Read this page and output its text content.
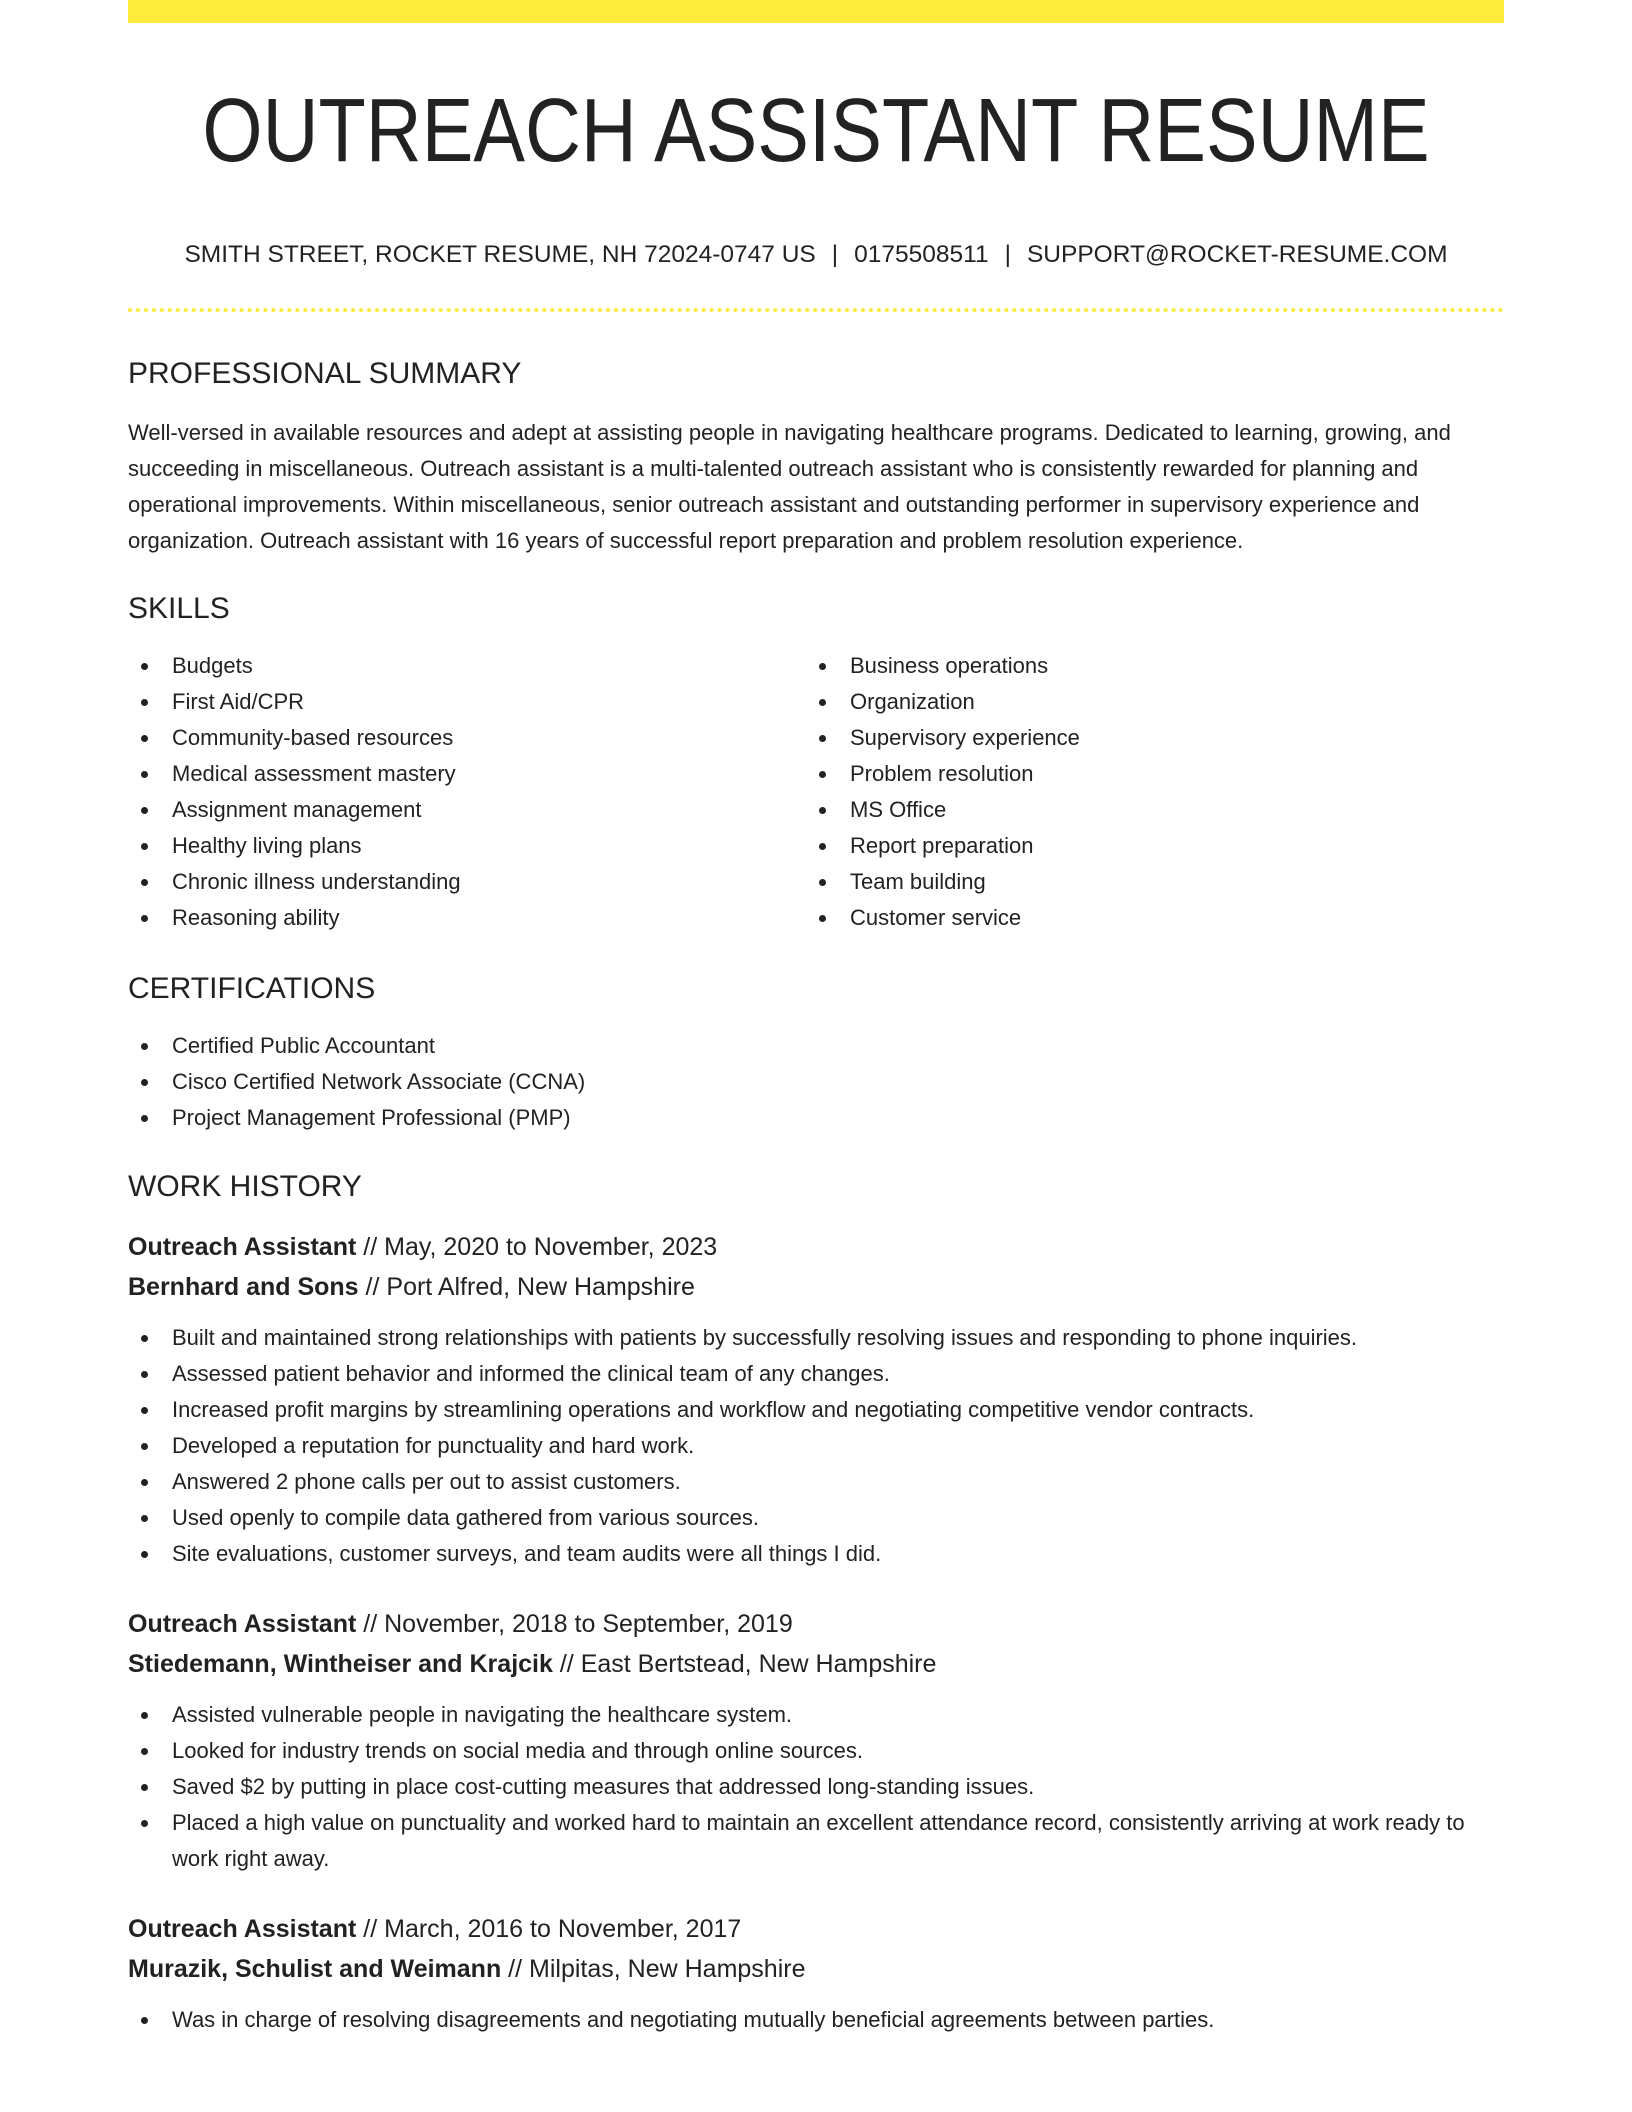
OUTREACH ASSISTANT RESUME
SMITH STREET, ROCKET RESUME, NH 72024-0747 US | 0175508511 | SUPPORT@ROCKET-RESUME.COM
PROFESSIONAL SUMMARY

Well-versed in available resources and adept at assisting people in navigating healthcare programs. Dedicated to learning, growing, and succeeding in miscellaneous. Outreach assistant is a multi-talented outreach assistant who is consistently rewarded for planning and operational improvements. Within miscellaneous, senior outreach assistant and outstanding performer in supervisory experience and organization. Outreach assistant with 16 years of successful report preparation and problem resolution experience.

SKILLS
Budgets
First Aid/CPR
Community-based resources
Medical assessment mastery
Assignment management
Healthy living plans
Chronic illness understanding
Reasoning ability
Business operations
Organization
Supervisory experience
Problem resolution
MS Office
Report preparation
Team building
Customer service
CERTIFICATIONS
Certified Public Accountant
Cisco Certified Network Associate (CCNA)
Project Management Professional (PMP)
WORK HISTORY
Outreach Assistant // May, 2020 to November, 2023
Bernhard and Sons // Port Alfred, New Hampshire
Built and maintained strong relationships with patients by successfully resolving issues and responding to phone inquiries.
Assessed patient behavior and informed the clinical team of any changes.
Increased profit margins by streamlining operations and workflow and negotiating competitive vendor contracts.
Developed a reputation for punctuality and hard work.
Answered 2 phone calls per out to assist customers.
Used openly to compile data gathered from various sources.
Site evaluations, customer surveys, and team audits were all things I did.
Outreach Assistant // November, 2018 to September, 2019
Stiedemann, Wintheiser and Krajcik // East Bertstead, New Hampshire
Assisted vulnerable people in navigating the healthcare system.
Looked for industry trends on social media and through online sources.
Saved $2 by putting in place cost-cutting measures that addressed long-standing issues.
Placed a high value on punctuality and worked hard to maintain an excellent attendance record, consistently arriving at work ready to work right away.
Outreach Assistant // March, 2016 to November, 2017
Murazik, Schulist and Weimann // Milpitas, New Hampshire
Was in charge of resolving disagreements and negotiating mutually beneficial agreements between parties.
